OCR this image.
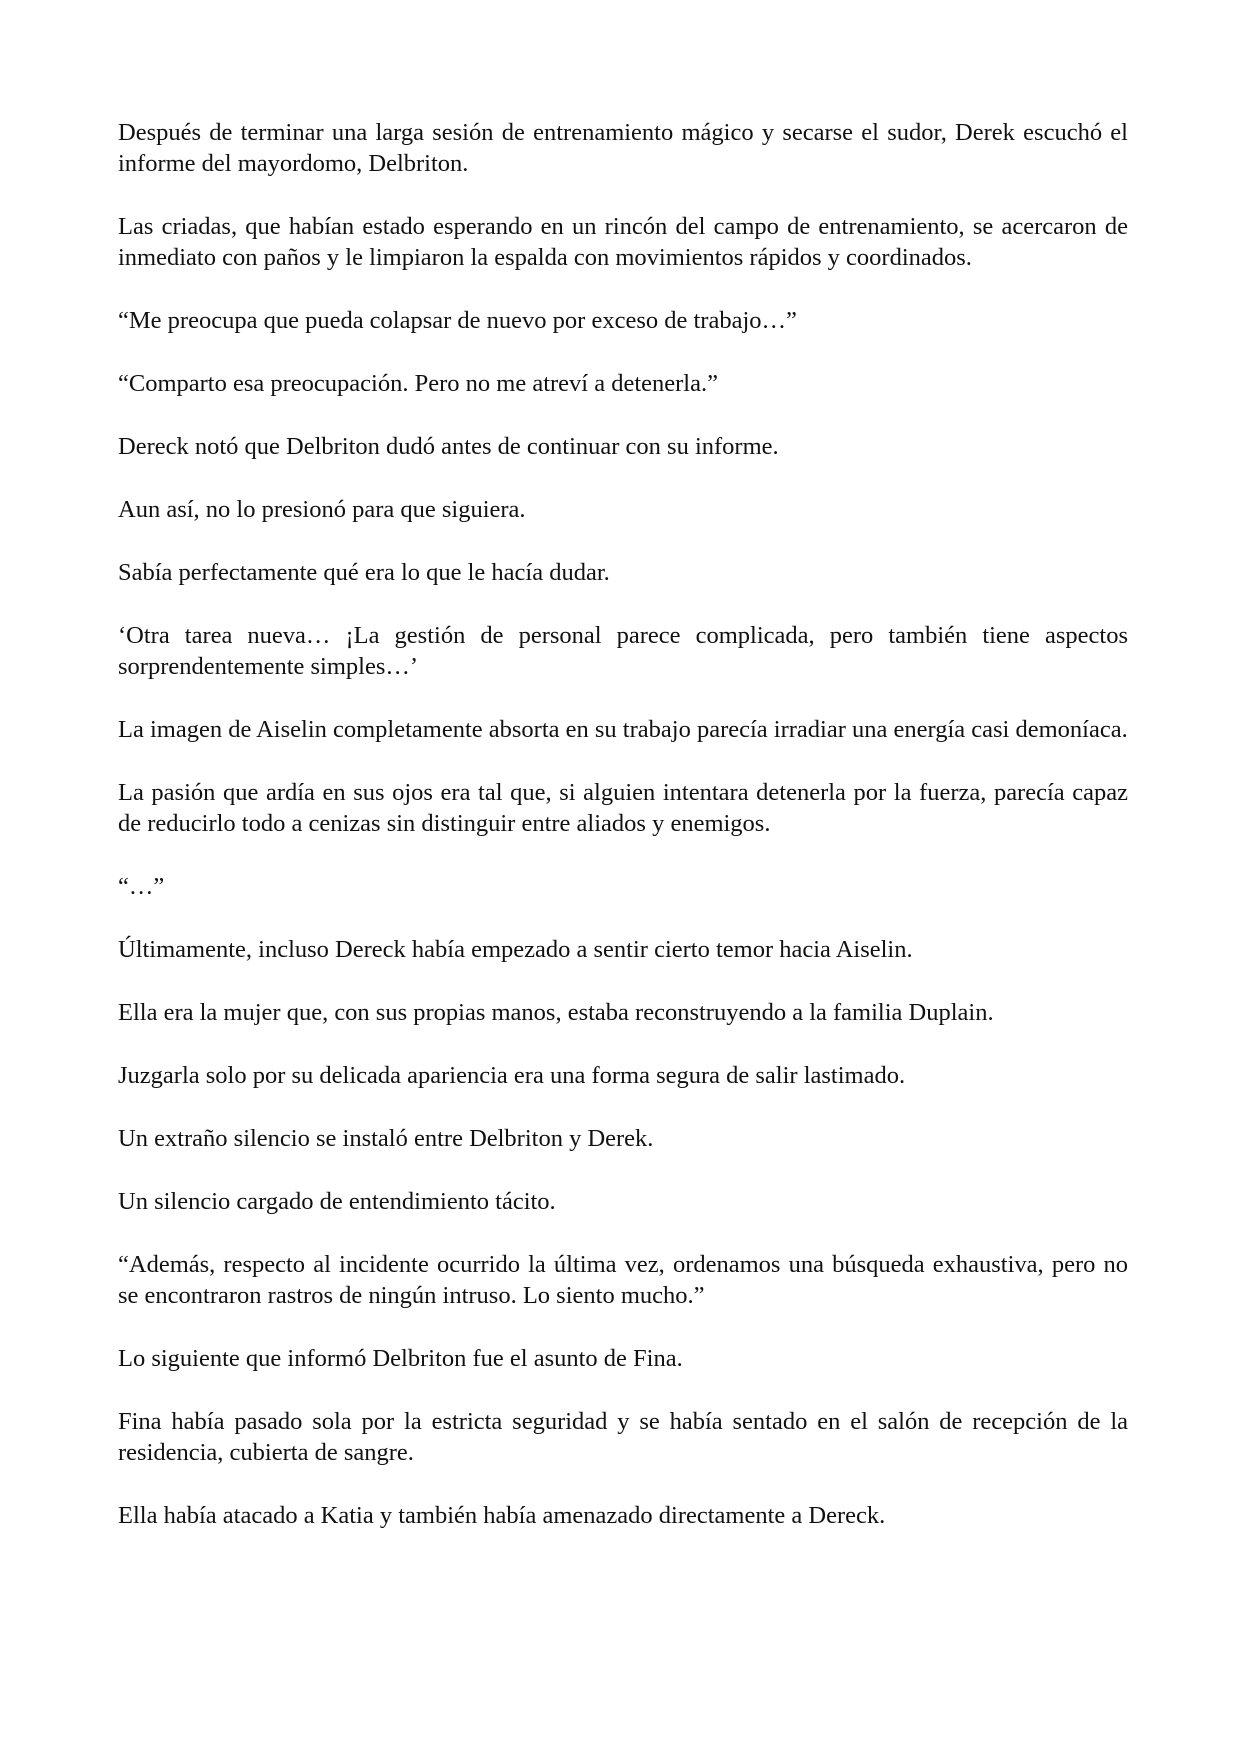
Después de terminar una larga sesión de entrenamiento mágico y secarse el sudor, Derek escuchó el informe del mayordomo, Delbriton.

Las criadas, que habían estado esperando en un rincón del campo de entrenamiento, se acercaron de inmediato con paños y le limpiaron la espalda con movimientos rápidos y coordinados.

“Me preocupa que pueda colapsar de nuevo por exceso de trabajo…”

“Comparto esa preocupación. Pero no me atreví a detenerla.”

Dereck notó que Delbriton dudó antes de continuar con su informe.

Aun así, no lo presionó para que siguiera.

Sabía perfectamente qué era lo que le hacía dudar.

‘Otra tarea nueva… ¡La gestión de personal parece complicada, pero también tiene aspectos sorprendentemente simples…’

La imagen de Aiselin completamente absorta en su trabajo parecía irradiar una energía casi demoníaca.

La pasión que ardía en sus ojos era tal que, si alguien intentara detenerla por la fuerza, parecía capaz de reducirlo todo a cenizas sin distinguir entre aliados y enemigos.

“…”

Últimamente, incluso Dereck había empezado a sentir cierto temor hacia Aiselin.

Ella era la mujer que, con sus propias manos, estaba reconstruyendo a la familia Duplain.

Juzgarla solo por su delicada apariencia era una forma segura de salir lastimado.

Un extraño silencio se instaló entre Delbriton y Derek.

Un silencio cargado de entendimiento tácito.

“Además, respecto al incidente ocurrido la última vez, ordenamos una búsqueda exhaustiva, pero no se encontraron rastros de ningún intruso. Lo siento mucho.”

Lo siguiente que informó Delbriton fue el asunto de Fina.

Fina había pasado sola por la estricta seguridad y se había sentado en el salón de recepción de la residencia, cubierta de sangre.

Ella había atacado a Katia y también había amenazado directamente a Dereck.
